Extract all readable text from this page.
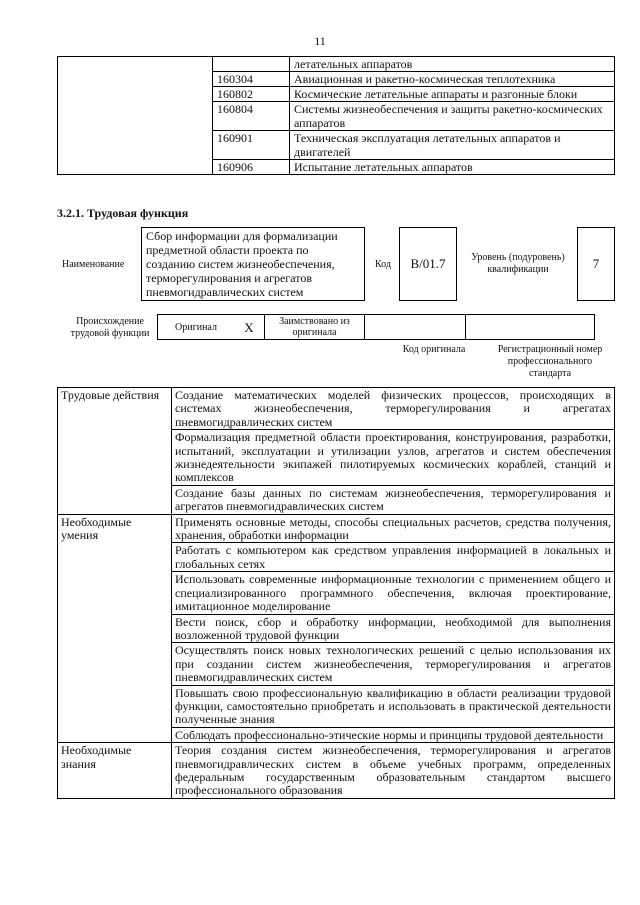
11
		летательных аппаратов
	160304	Авиационная и ракетно-космическая теплотехника
	160802	Космические летательные аппараты и разгонные блоки
	160804	Системы жизнеобеспечения и защиты ракетно-космических аппаратов
	160901	Техническая эксплуатация летательных аппаратов и двигателей
	160906	Испытание летательных аппаратов
3.2.1. Трудовая функция
Наименование
Сбор информации для формализации предметной области проекта по созданию систем жизнеобеспечения, терморегулирования и агрегатов пневмогидравлических систем
Код	B/01.7	Уровень (подуровень) квалификации	7
Происхождение трудовой функции
Оригинал	X	Заимствовано из оригинала		
Код оригинала	Регистрационный номер профессионального стандарта
Трудовые действия	Создание математических моделей физических процессов, происходящих в системах жизнеобеспечения, терморегулирования и агрегатах пневмогидравлических систем
	Формализация предметной области проектирования, конструирования, разработки, испытаний, эксплуатации и утилизации узлов, агрегатов и систем обеспечения жизнедеятельности экипажей пилотируемых космических кораблей, станций и комплексов
	Создание базы данных по системам жизнеобеспечения, терморегулирования и агрегатов пневмогидравлических систем
Необходимые умения	Применять основные методы, способы специальных расчетов, средства получения, хранения, обработки информации
	Работать с компьютером как средством управления информацией в локальных и глобальных сетях
	Использовать современные информационные технологии с применением общего и специализированного программного обеспечения, включая проектирование, имитационное моделирование
	Вести поиск, сбор и обработку информации, необходимой для выполнения возложенной трудовой функции
	Осуществлять поиск новых технологических решений с целью использования их при создании систем жизнеобеспечения, терморегулирования и агрегатов пневмогидравлических систем
	Повышать свою профессиональную квалификацию в области реализации трудовой функции, самостоятельно приобретать и использовать в практической деятельности полученные знания
	Соблюдать профессионально-этические нормы и принципы трудовой деятельности
Необходимые знания	Теория создания систем жизнеобеспечения, терморегулирования и агрегатов пневмогидравлических систем в объеме учебных программ, определенных федеральным государственным образовательным стандартом высшего профессионального образования
